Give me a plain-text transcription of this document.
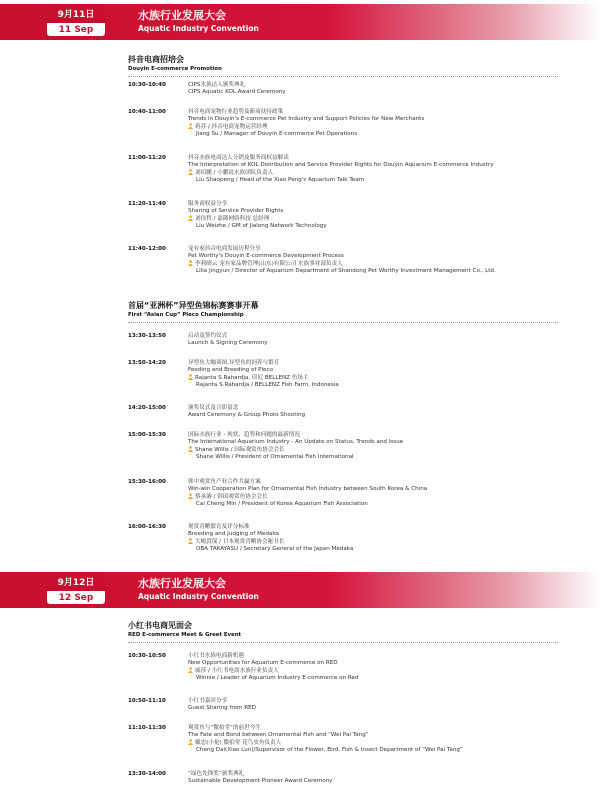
9月11日
11 Sep
水族行业发展大会
Aquatic Industry Convention
抖音电商招培会
Douyin E-commerce Promotion
10:30-10:40	CIPS水族达人颁奖典礼
CIPS Aquatic KOL Award Ceremony
10:40-11:00	抖音电商宠物行业趋势及新商扶持政策
Trends in Douyin's E-commerce Pet Industry and Support Policies for New Merchants
蒋苏 / 抖音电商宠物运营经理
Jiang Su / Manager of Douyin E-commerce Pet Operations
11:00-11:20	抖音水族电商达人分销及服务商权益解读
The Interpretation of KOL Distribution and Service Provider Rights for Douyin Aquarium E-commerce Industry
刘绍鹏 / 小鹏说水族团队负责人
Liu Shaopeng / Head of the Xiao Peng's Aquarium Talk Team
11:20-11:40	服务商权益分享
Sharing of Service Provider Rights
刘伟哲 / 嘉隆网络科技 总经理
Liu Weizhe / GM of Jialong Network Technology
11:40-12:00	宠有家抖音电商发展历程分享
Pet Worthy's Douyin E-commerce Development Process
李莉晴云 宠有家品牌管理(山东)有限公司 水族事业部负责人
Lilia Jingyun / Director of Aquarium Department of Shandong Pet Worthy Investment Management Co., Ltd.
首届“亚洲杯”异型鱼锦标赛赛事开幕
First “Asian Cup” Pleco Championship
13:30-13:50	启动及签约仪式
Launch & Signing Ceremony
13:50-14:20	异型鱼大咖谈图,异型鱼的饲养与繁育
Feeding and Breeding of Pleco
Rajanta S.Rahardja, 印尼 BELLENZ 鱼场主
Rajanta S.Rahardja / BELLENZ Fish Farm, Indonesia
14:20-15:00	颁奖仪式及合影留念
Award Ceremony & Group Photo Shooting
15:00-15:30	国际水族行业 - 现状、趋势和问题的最新情况
The International Aquarium Industry - An Update on Status, Trends and Issue
Shane Willis / 国际观赏鱼协会会长
Shane Willis / President of Ornamental Fish International
15:30-16:00	韩中观赏鱼产业合作共赢方案
Win-win Cooperation Plan for Ornamental Fish Industry between South Korea & China
蔡承濬 / 韩国观赏鱼协会会长
Cai Cheng Min / President of Korea Aquarium Fish Association
16:00-16:30	观赏青鳉繁育及评分标准
Breeding and Judging of Medaka
大嶋貴保 / 日本观赏青鳉协会秘书长
OBA TAKAYASU / Secretary General of the Japan Medaka
9月12日
12 Sep
水族行业发展大会
Aquatic Industry Convention
小红书电商见面会
RED E-commerce Meet & Greet Event
10:30-10:50	小红书水族电商新机遇
New Opportunities for Aquarium E-commerce on RED
威莎 / 小红书电商水族行业负责人
Winnie / Leader of Aquarium Industry E-commerce on Red
10:50-11:10	小红书嘉宾分享
Guest Sharing from RED
11:10-11:30	观赏鱼与“微拍堂”的前世今生
The Fate and Bond between Ornamental Fish and “Wei Pai Tang”
戴忠(小伦) 微拍堂 花鸟虫鱼负责人
Cheng Dai(Xiao Lun)/Supervisor of the Flower, Bird, Fish & Insect Department of “Wei Pai Tang”
13:30-14:00	“绿色先锋奖”颁奖典礼
Sustainable Development Pioneer Award Ceremony
